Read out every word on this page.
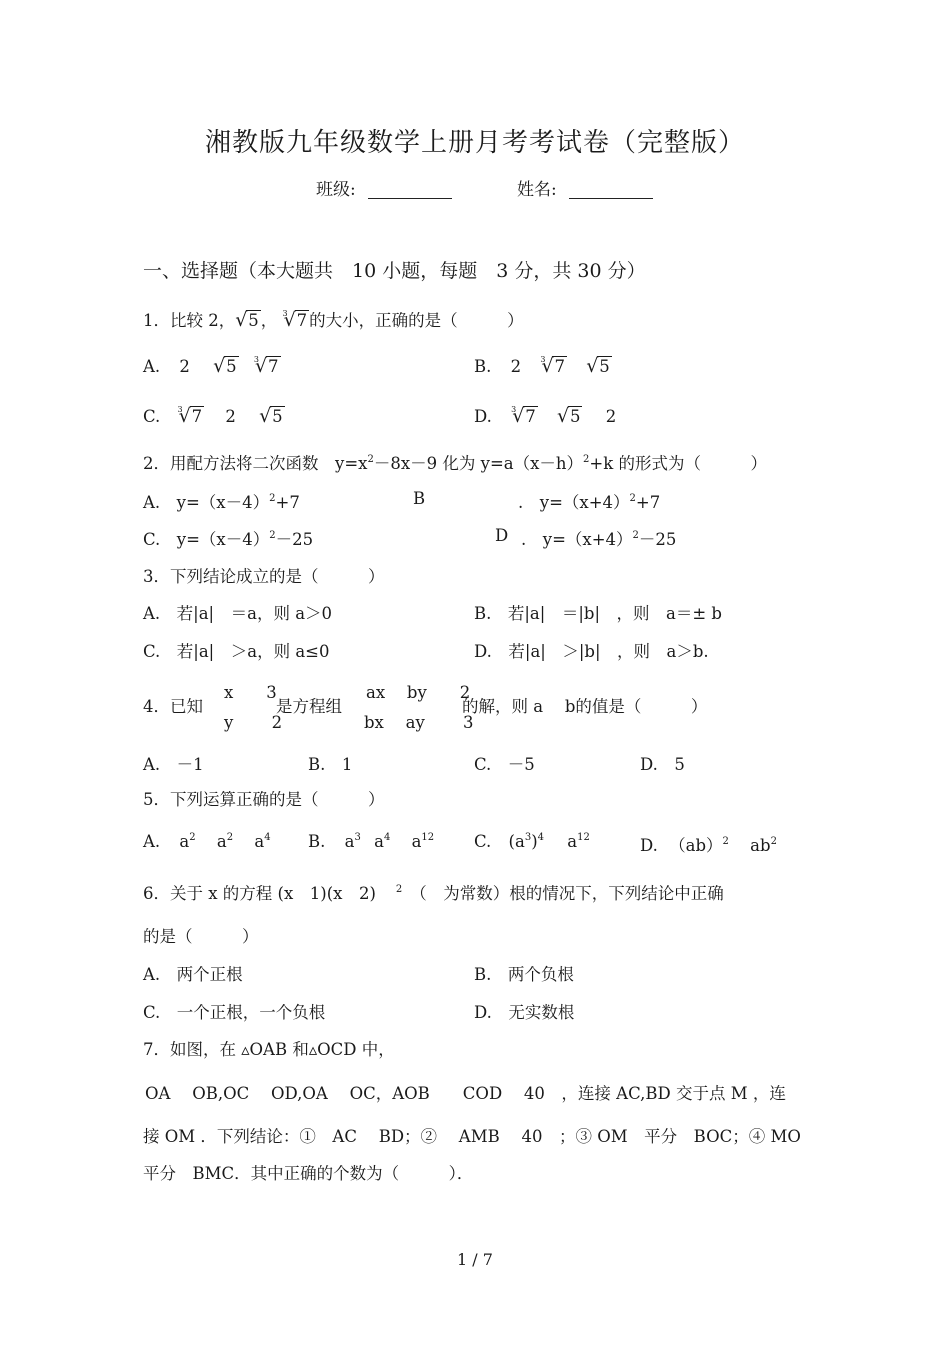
湘教版九年级数学上册月考考试卷（完整版）
班级:	姓名:
一、选择题（本大题共　10 小题，每题　3 分，共 30 分）
1．比较 2， √ 5 ， $^3$ √ 7 的大小，正确的是（　　　）
A. 2 √ 5 $^3$ √ 7	B. 2 $^3$ √ 7 √ 5
C. $^3$ √ 7 2 √ 5	D. $^3$ √ 7 √ 5 2
2．用配方法将二次函数　$y=x^2-8x-9$ 化为 $y=a(x-h)^2+k$ 的形式为（　　　）
A.　$y=(x-4)^2+7$	B	.　$y=(x+4)^2+7$
C.　$y=(x-4)^2-25$	D .　$y=(x+4)^2-25$
3．下列结论成立的是（　　　）
A.　若|a|　＝a，则 a＞0	B.　若|a|　＝|b|　，则　a＝± b
C.　若|a|　＞a，则 a≤0	D.　若|a|　＞|b|　，则　a＞b.
4．已知
x　　3
y　　 2
是方程组
ax　 by　　2
bx　 ay　　 3
的解，则 a　 b的值是（　　　）
A.　－1	B.　1	C.　－5	D.　5
5．下列运算正确的是（　　　）
A. $a^2$ $a^2$ $a^4$ B. $a^3$ $a^4$ $a^{12}$ C. $(a^3)^4$ $a^{12}$	D. （ab）$^2$ $ab^2$
6．关于 x 的方程 (x　1)(x　2) $^2$ （　为常数）根的情况下，下列结论中正确
的是（　　　）
A.　两个正根	B.　两个负根
C.　一个正根，一个负根	D.　无实数根
7．如图，在 ▵OAB 和▵OCD 中，
OA　 OB,OC　 OD,OA　 OC，AOB　　COD　 40　，连接 AC,BD 交于点 M ，连
接 OM ．下列结论：①　AC　 BD；②　 AMB　 40　；③ OM　平分　BOC；④ MO
平分　BMC．其中正确的个数为（　　　）．
1 / 7
